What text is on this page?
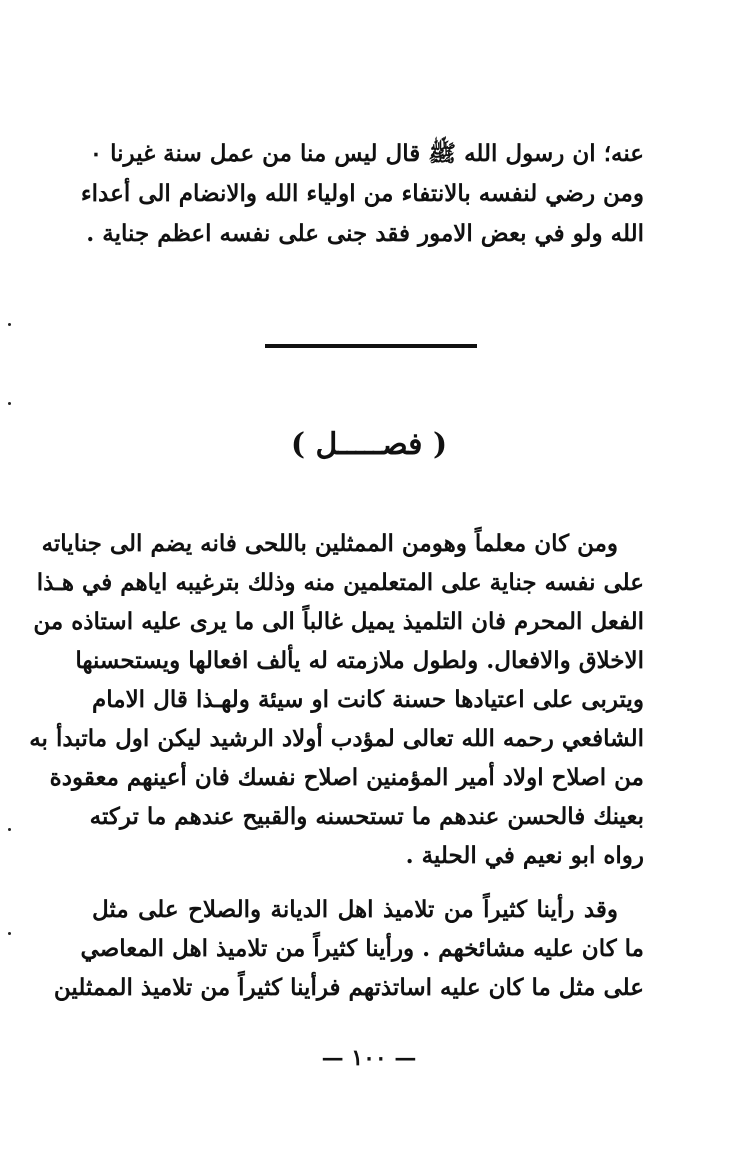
عنه؛ ان رسول الله ﷺ قال ليس منا من عمل سنة غيرنا ٠
ومن رضي لنفسه بالانتفاء من اولياء الله والانضام الى أعداء
الله ولو في بعض الامور فقد جنى على نفسه اعظم جناية .
( فصـــــل )
ومن كان معلماً وهومن الممثلين باللحى فانه يضم الى جناياته
على نفسه جناية على المتعلمين منه وذلك بترغيبه اياهم في هـذا
الفعل المحرم فان التلميذ يميل غالباً الى ما يرى عليه استاذه من
الاخلاق والافعال. ولطول ملازمته له يألف افعالها ويستحسنها
ويتربى على اعتيادها حسنة كانت او سيئة ولهـذا قال الامام
الشافعي رحمه الله تعالى لمؤدب أولاد الرشيد ليكن اول ماتبدأ به
من اصلاح اولاد أمير المؤمنين اصلاح نفسك فان أعينهم معقودة
بعينك فالحسن عندهم ما تستحسنه والقبيح عندهم ما تركته
رواه ابو نعيم في الحلية .
وقد رأينا كثيراً من تلاميذ اهل الديانة والصلاح على مثل
ما كان عليه مشائخهم . ورأينا كثيراً من تلاميذ اهل المعاصي
على مثل ما كان عليه اساتذتهم فرأينا كثيراً من تلاميذ الممثلين
— ١٠٠ —
